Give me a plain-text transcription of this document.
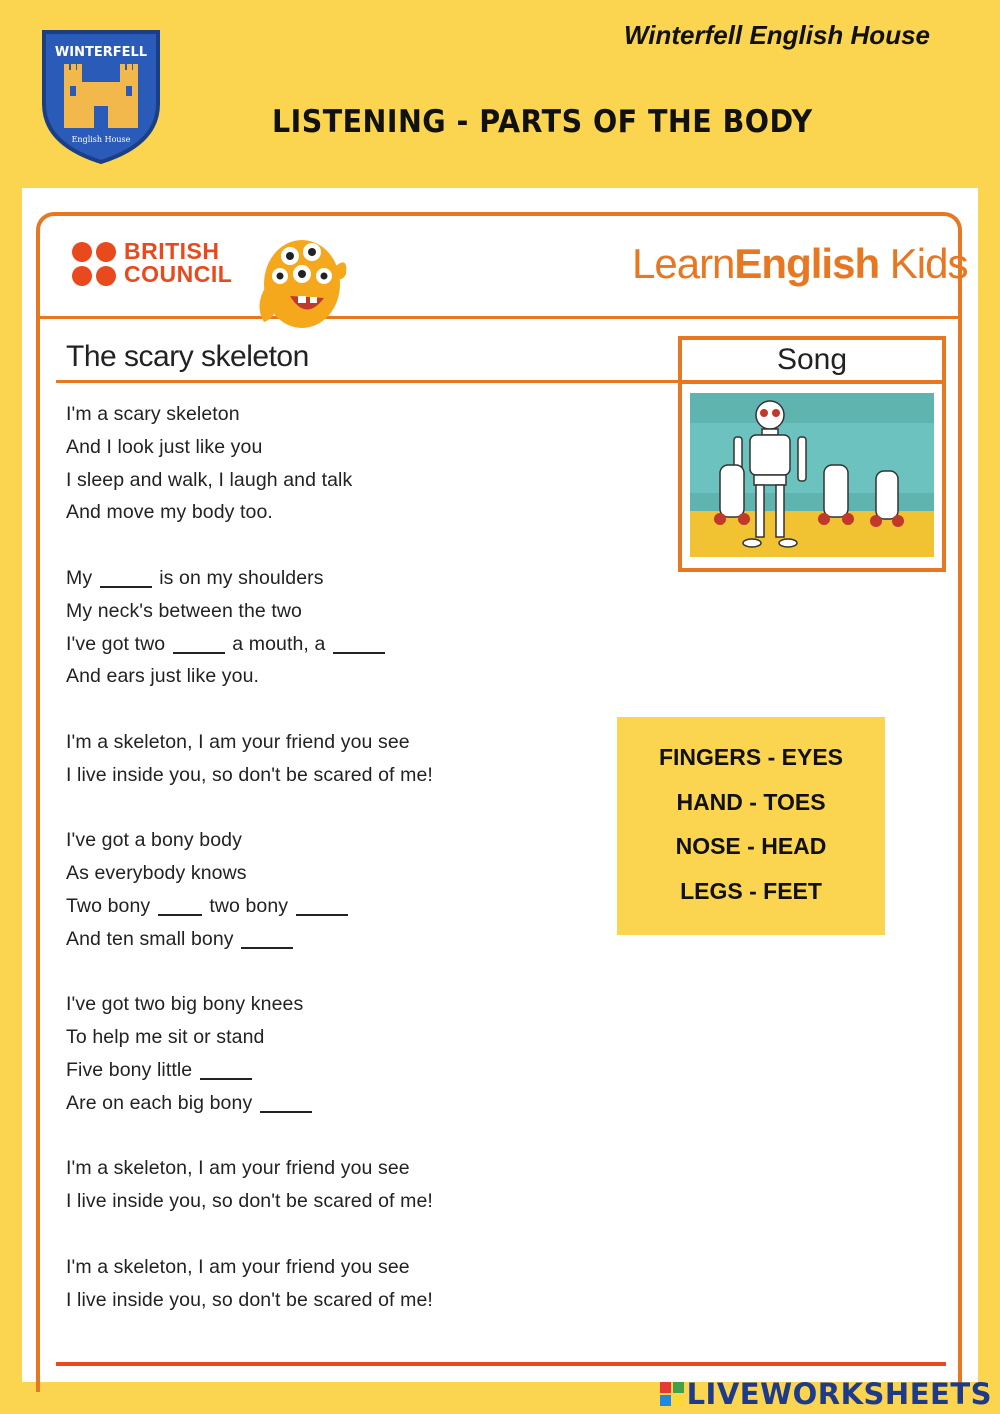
WINTERFELL
English House
Winterfell English House
LISTENING - PARTS OF THE BODY
BRITISH
COUNCIL	LearnEnglish Kids
The scary skeleton	Song
I'm a scary skeleton
And I look just like you
I sleep and walk, I laugh and talk
And move my body too.
My	is on my shoulders
My neck's between the two
I've got two	a mouth, a
And ears just like you.
I'm a skeleton, I am your friend you see
I live inside you, so don't be scared of me!
I've got a bony body
As everybody knows
Two bony  two bony
And ten small bony
I've got two big bony knees
To help me sit or stand
Five bony little
Are on each big bony
I'm a skeleton, I am your friend you see
I live inside you, so don't be scared of me!
I'm a skeleton, I am your friend you see
I live inside you, so don't be scared of me!
FINGERS - EYES
HAND - TOES
NOSE - HEAD
LEGS - FEET
LIVEWORKSHEETS
